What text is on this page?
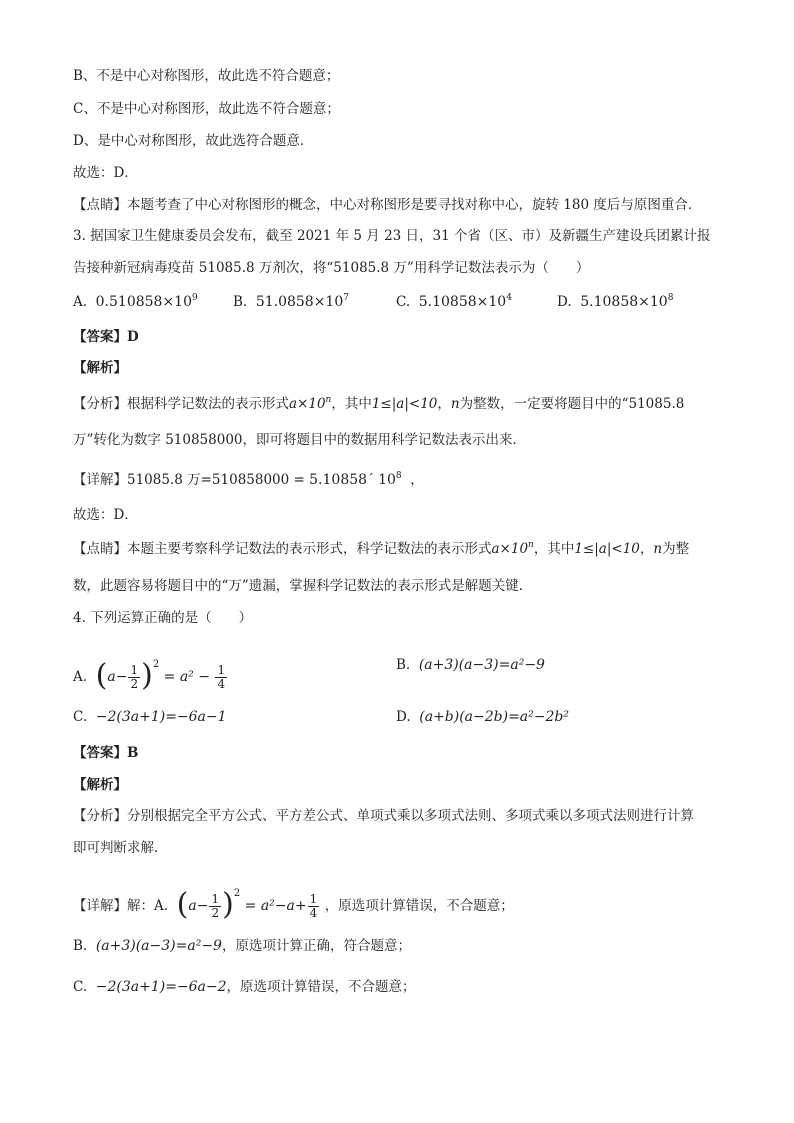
B、不是中心对称图形，故此选不符合题意；
C、不是中心对称图形，故此选不符合题意；
D、是中心对称图形，故此选符合题意．
故选：D．
【点睛】本题考查了中心对称图形的概念，中心对称图形是要寻找对称中心，旋转 180 度后与原图重合．
3. 据国家卫生健康委员会发布，截至 2021 年 5 月 23 日，31 个省（区、市）及新疆生产建设兵团累计报
告接种新冠病毒疫苗 51085.8 万剂次，将“51085.8 万”用科学记数法表示为（　　）
A. $0.510858\times 10^9$	B. $51.0858\times 10^7$	C. $5.10858\times 10^4$	D. $5.10858\times 10^8$
【答案】D
【解析】
【分析】根据科学记数法的表示形式$a\times 10^n$，其中1≤|a|<10，n为整数，一定要将题目中的“51085.8
万”转化为数字 510858000，即可将题目中的数据用科学记数法表示出来．
【详解】51085.8 万=510858000 = 5.10858´ $10^8$ ，
故选：D．
【点睛】本题主要考察科学记数法的表示形式，科学记数法的表示形式$a\times 10^n$，其中1≤|a|<10，n为整
数，此题容易将题目中的“万”遗漏，掌握科学记数法的表示形式是解题关键．
4. 下列运算正确的是（　　）
A. $(a- \frac{1}{2} )^2 = a^2 - \frac{1}{4}$	B. (a+3)(a−3)=a²−9
C. −2(3a+1)=−6a−1	D. (a+b)(a−2b)=a²−2b²
【答案】B
【解析】
【分析】分别根据完全平方公式、平方差公式、单项式乘以多项式法则、多项式乘以多项式法则进行计算
即可判断求解．
【详解】解：A. $(a- \frac{1}{2} )^2 = a^2-a+ \frac{1}{4}$ ，原选项计算错误，不合题意；
B. (a+3)(a−3)=a²−9，原选项计算正确，符合题意；
C. −2(3a+1)=−6a−2，原选项计算错误，不合题意；
